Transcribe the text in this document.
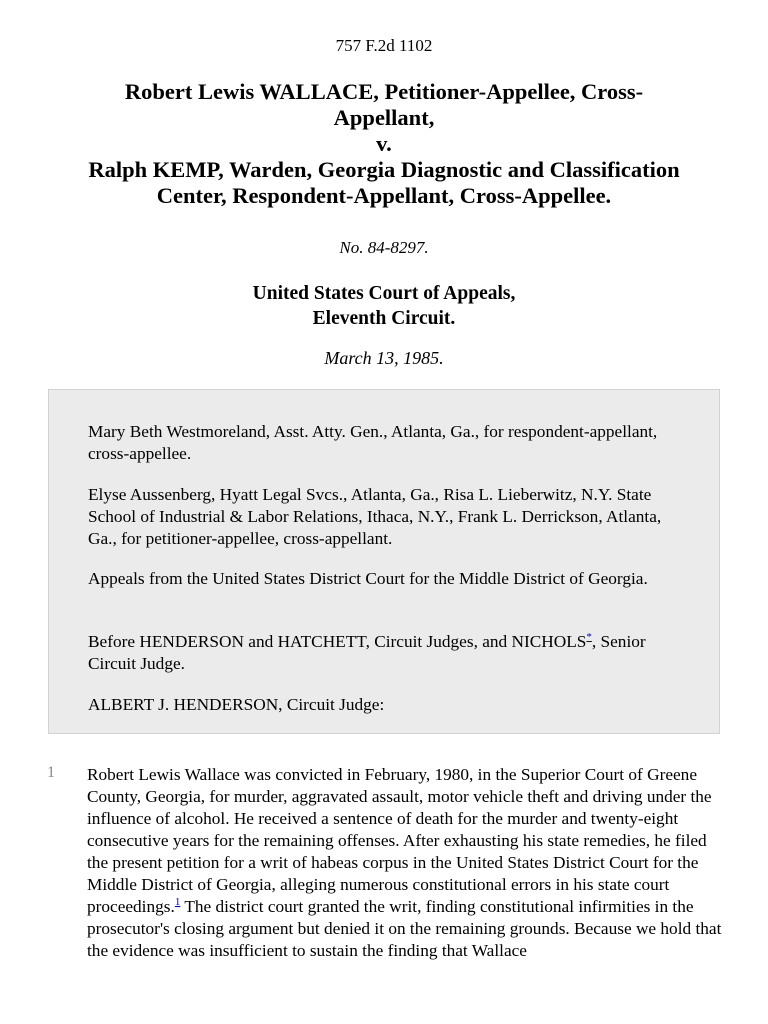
757 F.2d 1102
Robert Lewis WALLACE, Petitioner-Appellee, Cross-
Appellant,
v.
Ralph KEMP, Warden, Georgia Diagnostic and Classification
Center, Respondent-Appellant, Cross-Appellee.
No. 84-8297.
United States Court of Appeals,
Eleventh Circuit.
March 13, 1985.

Mary Beth Westmoreland, Asst. Atty. Gen., Atlanta, Ga., for respondent-appellant, cross-appellee.

Elyse Aussenberg, Hyatt Legal Svcs., Atlanta, Ga., Risa L. Lieberwitz, N.Y. State School of Industrial & Labor Relations, Ithaca, N.Y., Frank L. Derrickson, Atlanta, Ga., for petitioner-appellee, cross-appellant.

Appeals from the United States District Court for the Middle District of Georgia.

Before HENDERSON and HATCHETT, Circuit Judges, and NICHOLS*, Senior Circuit Judge.

ALBERT J. HENDERSON, Circuit Judge:

1 Robert Lewis Wallace was convicted in February, 1980, in the Superior Court of Greene County, Georgia, for murder, aggravated assault, motor vehicle theft and driving under the influence of alcohol. He received a sentence of death for the murder and twenty-eight consecutive years for the remaining offenses. After exhausting his state remedies, he filed the present petition for a writ of habeas corpus in the United States District Court for the Middle District of Georgia, alleging numerous constitutional errors in his state court proceedings.$^1$ The district court granted the writ, finding constitutional infirmities in the prosecutor's closing argument but denied it on the remaining grounds. Because we hold that the evidence was insufficient to sustain the finding that Wallace
